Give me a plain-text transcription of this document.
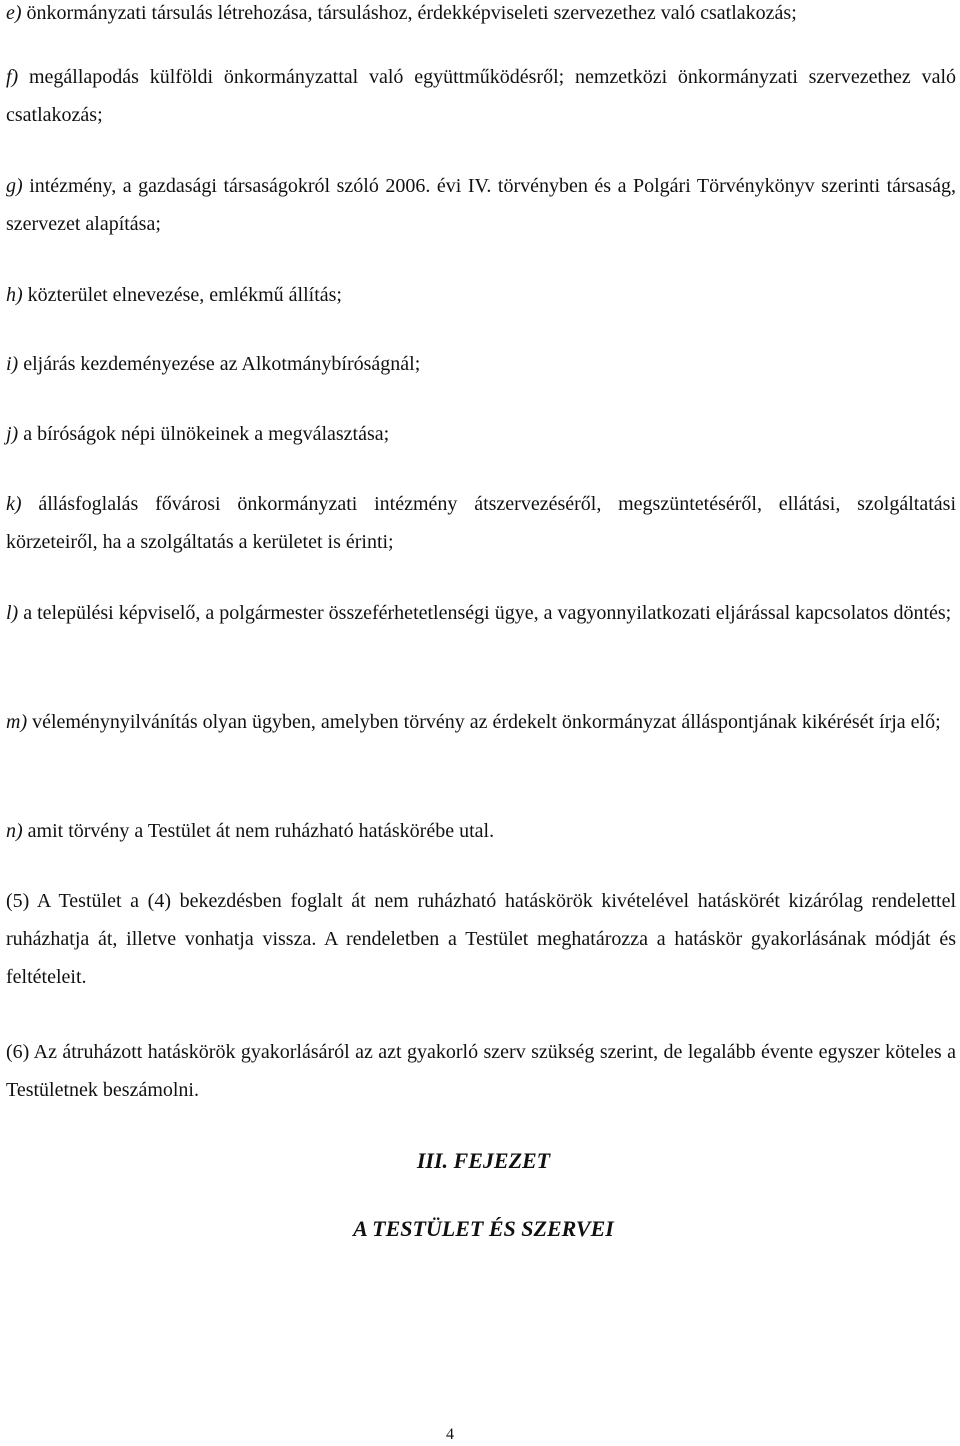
e) önkormányzati társulás létrehozása, társuláshoz, érdekképviseleti szervezethez való csatlakozás;

f) megállapodás külföldi önkormányzattal való együttműködésről; nemzetközi önkormányzati szervezethez való csatlakozás;

g) intézmény, a gazdasági társaságokról szóló 2006. évi IV. törvényben és a Polgári Törvénykönyv szerinti társaság, szervezet alapítása;

h) közterület elnevezése, emlékmű állítás;

i) eljárás kezdeményezése az Alkotmánybíróságnál;

j) a bíróságok népi ülnökeinek a megválasztása;

k) állásfoglalás fővárosi önkormányzati intézmény átszervezéséről, megszüntetéséről, ellátási, szolgáltatási körzeteiről, ha a szolgáltatás a kerületet is érinti;

l) a települési képviselő, a polgármester összeférhetetlenségi ügye, a vagyonnyilatkozati eljárással kapcsolatos döntés;

m) véleménynyilvánítás olyan ügyben, amelyben törvény az érdekelt önkormányzat álláspontjának kikérését írja elő;

n) amit törvény a Testület át nem ruházható hatáskörébe utal.

(5) A Testület a (4) bekezdésben foglalt át nem ruházható hatáskörök kivételével hatáskörét kizárólag rendelettel ruházhatja át, illetve vonhatja vissza. A rendeletben a Testület meghatározza a hatáskör gyakorlásának módját és feltételeit.

(6) Az átruházott hatáskörök gyakorlásáról az azt gyakorló szerv szükség szerint, de legalább évente egyszer köteles a Testületnek beszámolni.

III. FEJEZET

A TESTÜLET ÉS SZERVEI

4
